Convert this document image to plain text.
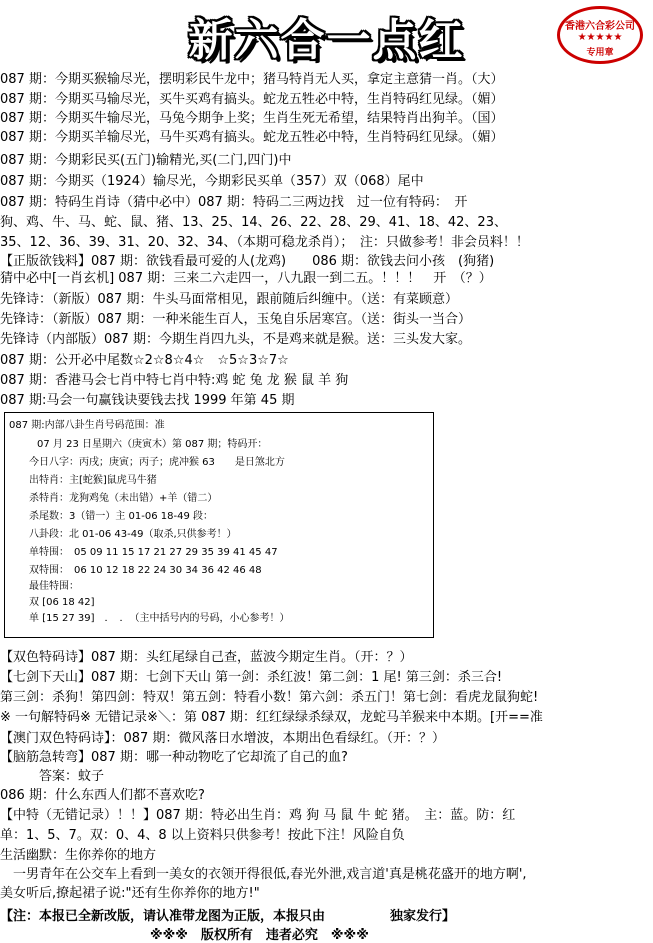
新六合一点红	香港六合彩公司
★★★★★
专用章
087 期：今期买猴输尽光，摆明彩民牛龙中；猪马特肖无人买，拿定主意猜一肖。（大）
087 期：今期买马输尽光，买牛买鸡有搞头。蛇龙五牲必中特，生肖特码红见绿。（媚）
087 期：今期买牛输尽光，马兔今期争上奖；生肖生死无希望，结果特肖出狗羊。（国）
087 期：今期买羊输尽光，马牛买鸡有搞头。蛇龙五牲必中特，生肖特码红见绿。（媚）
087 期：今期彩民买(五门)输精光,买(二门,四门)中
087 期：今期买（1924）输尽光，今期彩民买单（357）双（068）尾中
087 期：特码生肖诗（猜中必中）087 期：特码二三两边找　过一位有特码：　开
狗、鸡、牛、马、蛇、鼠、猪、13、25、14、26、22、28、29、41、18、42、23、
35、12、36、39、31、20、32、34、（本期可稳龙杀肖）；　注：只做参考！非会员料！！
【正版欲钱料】087 期：欲钱看最可爱的人(龙鸡)　　086 期：欲钱去问小孩　(狗猪)
猜中必中[一肖玄机] 087 期：三来二六走四一，八九跟一到二五。！！！　开　（？）
先锋诗：（新版）087 期：牛头马面常相见，跟前随后纠缠中。（送：有菜顾意）
先锋诗：（新版）087 期：一种米能生百人，玉兔自乐居寒宫。（送：街头一当合）
先锋诗（内部版）087 期：今期生肖四九头，不是鸡来就是猴。送：三头发大家。
087 期：公开必中尾数☆2☆8☆4☆　☆5☆3☆7☆
087 期：香港马会七肖中特七肖中特:鸡 蛇 兔 龙 猴 鼠 羊 狗
087 期:马会一句赢钱诀要钱去找 1999 年第 45 期
087 期:内部八卦生肖号码范围：准
07 月 23 日星期六（庚寅木）第 087 期；特码开：
今日八字：丙戌；庚寅；丙子；虎冲猴 63　　是日煞北方
出特肖：主[蛇猴]鼠虎马牛猪
杀特肖：龙狗鸡兔（未出错）+羊（错二）
杀尾数：3（错一）主 01-06 18-49 段：
八卦段：北 01-06 43-49（取杀,只供参考！）
单特围：　05 09 11 15 17 21 27 29 35 39 41 45 47
双特围：　06 10 12 18 22 24 30 34 36 42 46 48
最佳特围：
双 [06 18 42]
单 [15 27 39]　．　．　（主中括号内的号码，小心参考！）
【双色特码诗】087 期：头红尾绿自己查，蓝波今期定生肖。（开：？）
【七剑下天山】087 期：七剑下天山 第一剑：杀红波！第二剑：1 尾! 第三剑：杀三合!
第三剑：杀狗！第四剑：特双！第五剑：特看小数！第六剑：杀五门！第七剑：看虎龙鼠狗蛇!
※ 一句解特码※ 无错记录※＼：第 087 期：红红绿绿杀绿双，龙蛇马羊猴来中本期。[开==准
【澳门双色特码诗】：087 期：微风落日水增波，本期出色看绿红。（开：？）
【脑筋急转弯】087 期：哪一种动物吃了它却流了自己的血?
　　　答案：蚊子
086 期：什么东西人们都不喜欢吃?
【中特（无错记录）！！】087 期：特必出生肖：鸡 狗 马 鼠 牛 蛇 猪。　主：蓝。防：红
单：1、5、7。双：0、4、8 以上资料只供参考！按此下注！风险自负
生活幽默：生你养你的地方
　一男青年在公交车上看到一美女的衣领开得很低,春光外泄,戏言道'真是桃花盛开的地方啊',
美女听后,撩起裙子说:"还有生你养你的地方!"
【注：本报已全新改版，请认准带龙图为正版，本报只由　　　　　独家发行】
※※※　版权所有　违者必究　※※※
